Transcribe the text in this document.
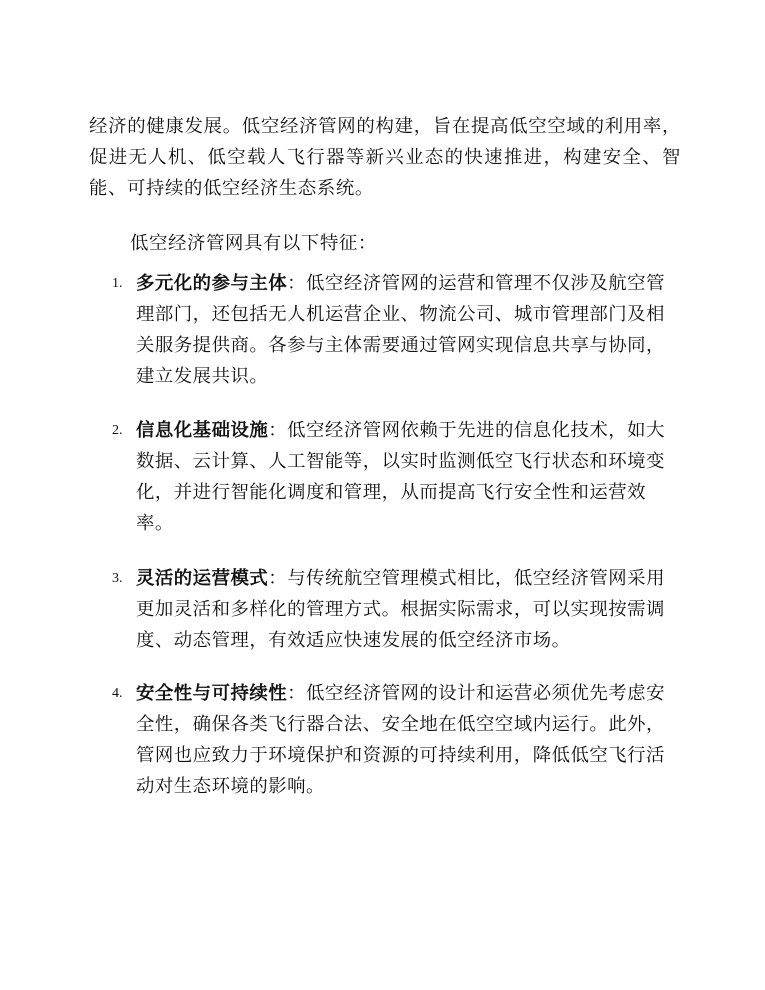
经济的健康发展。低空经济管网的构建，旨在提高低空空域的利用率，促进无人机、低空载人飞行器等新兴业态的快速推进，构建安全、智能、可持续的低空经济生态系统。

低空经济管网具有以下特征：

1. 多元化的参与主体：低空经济管网的运营和管理不仅涉及航空管理部门，还包括无人机运营企业、物流公司、城市管理部门及相关服务提供商。各参与主体需要通过管网实现信息共享与协同，建立发展共识。

2. 信息化基础设施：低空经济管网依赖于先进的信息化技术，如大数据、云计算、人工智能等，以实时监测低空飞行状态和环境变化，并进行智能化调度和管理，从而提高飞行安全性和运营效率。

3. 灵活的运营模式：与传统航空管理模式相比，低空经济管网采用更加灵活和多样化的管理方式。根据实际需求，可以实现按需调度、动态管理，有效适应快速发展的低空经济市场。

4. 安全性与可持续性：低空经济管网的设计和运营必须优先考虑安全性，确保各类飞行器合法、安全地在低空空域内运行。此外，管网也应致力于环境保护和资源的可持续利用，降低低空飞行活动对生态环境的影响。
